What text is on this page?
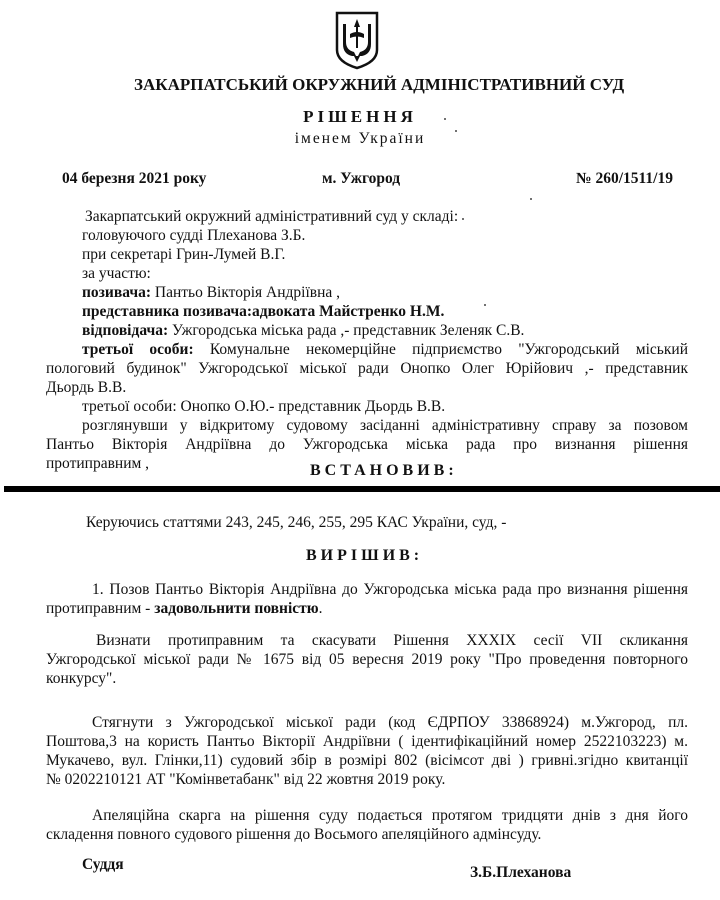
ЗАКАРПАТСЬКИЙ ОКРУЖНИЙ АДМІНІСТРАТИВНИЙ СУД
РІШЕННЯ
іменем України
04 березня 2021 року	м. Ужгород	№ 260/1511/19
Закарпатський окружний адміністративний суд у складі:
головуючого судді Плеханова З.Б.
при секретарі Грин-Лумей В.Г.
за участю:
позивача: Пантьо Вікторія Андріївна ,
представника позивача:адвоката Майстренко Н.М.
відповідача: Ужгородська міська рада ,- представник Зеленяк С.В.
третьої особи: Комунальне некомерційне підприємство "Ужгородський міський
пологовий будинок" Ужгородської міської ради Онопко Олег Юрійович ,- представник
Дьордь В.В.
третьої особи: Онопко О.Ю.- представник Дьордь В.В.
розглянувши у відкритому судовому засіданні адміністративну справу за позовом
Пантьо Вікторія Андріївна до Ужгородська міська рада про визнання рішення
протиправним ,	ВСТАНОВИВ:
Керуючись статтями 243, 245, 246, 255, 295 КАС України, суд, -
ВИРІШИВ:
1. Позов Пантьо Вікторія Андріївна до Ужгородська міська рада про визнання рішення
протиправним - задовольнити повністю.
Визнати протиправним та скасувати Рішення XXXIX сесії VII скликання
Ужгородської міської ради № 1675 від 05 вересня 2019 року "Про проведення повторного
конкурсу".
Стягнути з Ужгородської міської ради (код ЄДРПОУ 33868924) м.Ужгород, пл.
Поштова,3 на користь Пантьо Вікторії Андріївни ( ідентифікаційний номер 2522103223) м.
Мукачево, вул. Глінки,11) судовий збір в розмірі 802 (вісімсот дві ) гривні.згідно квитанції
№ 0202210121 АТ "Комінветабанк" від 22 жовтня 2019 року.
Апеляційна скарга на рішення суду подається протягом тридцяти днів з дня його
складення повного судового рішення до Восьмого апеляційного адмінсуду.
Суддя	З.Б.Плеханова
